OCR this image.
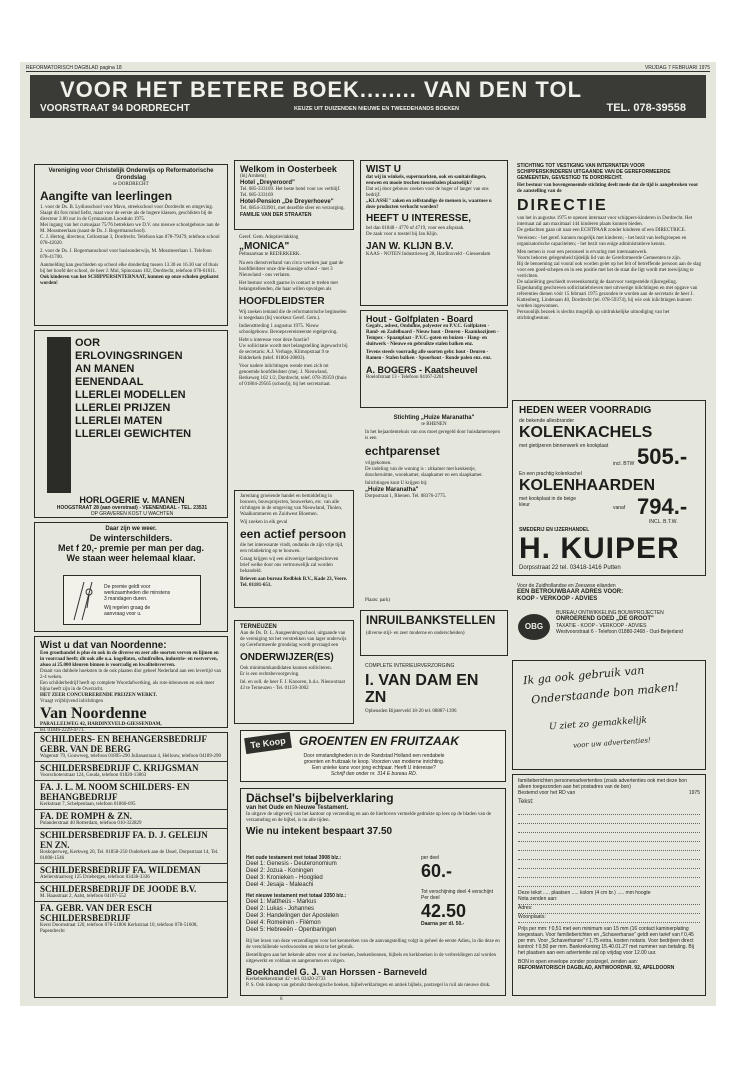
REFORMATORISCH DAGBLAD pagina 18	VRIJDAG 7 FEBRUARI 1975
VOOR HET BETERE BOEK........ VAN DEN TOL
VOORSTRAAT 94 DORDRECHT	KEUZE UIT DUIZENDEN NIEUWE EN TWEEDEHANDS BOEKEN	TEL. 078-39558
Vereniging voor Christelijk Onderwijs op Reformatorische Grondslag
te DORDRECHT
Aangifte van leerlingen
1. voor de Ds. B. Lydiusschool voor Mavo, streekschool voor Dordrecht en omgeving. Slaapt dit fors mind liefst, maat voor de eerste als de hogere klassen, geschikten bij de directeur 3.00 uur in de Gymnasium Loosduin 1975.
Mei ingang van het cursusjaar 75/76 betrekken we D.V. ons nieuwe schoolgebouw aan de M. Mossmeerlaan (naast de Ds. J. Bogermanschool).
C. J. Hertog, directeur, Cellostraat 3, Dordrecht. Telefoon kan 078-79479, telefoon school 078-42020.
2. voor de Ds. J. Bogermanschool voor basisonderwijs, M. Mossmeerlaan 1. Telefoon 078-41700.
Aanmelding kan geschieden op school elke donderdag tussen 13.30 en 16.30 uur of thuis bij het hoofd der school, de heer J. Mul, Spinozaan 102, Dordrecht, telefoon 078-61611.
Ook kinderen van het SCHIPPERSINTERNAAT, kunnen op onze scholen geplaatst worden!
OOR
ERLOVINGSRINGEN
AN MANEN
EENENDAAL
LLERLEI MODELLEN
LLERLEI PRIJZEN
LLERLEI MATEN
LLERLEI GEWICHTEN
HORLOGERIE v. MANEN
HOOGSTRAAT 28 (aan overstraat) - VEENENDAAL - TEL. 23531
OP GRAVEREN KOST U WACHTEN
Daar zijn we weer.
De winterschilders.
Met f 20,- premie per man per dag.
We staan weer helemaal klaar.
De premie geldt voor
werkzaamheden die minstens
3 mandagen duren.
Wij regelen graag de
aanvraag voor u.
Wist u dat van Noordenne:
Een groothandel is plus én ook in de diverse en zeer alle soorten verven en lijmen en in voorraad heeft; dit ook alle u.a. kogellatex, schuifrollen, industrie- en rostverven, alsoo ai 25.000 kleuren binnen is voorradig en kwaliteitsverven.
Draait van dubbele hoeksten in de ook plaaten dior geheel Nederland aan een levertijd van 2-4 weken.
Een schilderbedrijf heeft op complete Woordafwerking, als ruts-inbouwen en ook meer bijna heeft zijn in de Overzicht.
HET ZEER CONCURRERENDE PRIJZEN WERKT.
Vraagt vrijblijvend inlichtingen
Van Noordenne
PARALLELWEG 42, HARDINXVELD-GIESSENDAM,
tel. 01846-2229-4771.
SCHILDERS- EN BEHANGERSBEDRIJF GEBR. VAN DE BERG
Wagenstr 79, Gouwweg, telefoon 01895-290 Julianastraat 4, Hellouw, telefoon 04189-290
SCHILDERSBEDRIJF C. KRIJGSMAN
Voorschoterstraat 124, Gouda, telefoon 01820-13063
FA. J. L. M. NOOM SCHILDERS- EN BEHANGBEDRIJF
Kerkstraat 7, Schelpenlaan, telefoon 01860-695
FA. DE ROMPH & ZN.
Polanderstraat 40 Rotterdam, telefoon 010-322829
SCHILDERSBEDRIJF FA. D. J. GELEIJN EN ZN.
Boskoperweg, Kerkweg 20, Tel. 01858-250 Ouderkerk aan de IJssel, Dorpsstraat 14, Tel. 01808-1546
SCHILDERSBEDRIJF FA. WILDEMAN
Atelierstraatweg 125 Driebergen, telefoon 03438-3336
SCHILDERSBEDRIJF DE JOODE B.V.
M. Haasstraat 2, Aalst, telefoon 04107-552
FA. GEBR. VAN DER ESCH SCHILDERSBEDRIJF
Kerst Doornstraat 120, telefoon 078-51806 Kerkstraat 10, telefoon 078-51608, Papendrecht
Welkom in Oosterbeek
(bij Arnhem)
Hotel „Dreyeroord"
Tel. 085-333169. Het beste hotel voor uw verblijf. Tel. 085-333169
Hotel-Pension „De Dreyerhoeve"
Tel. 0854-333901, met dezelfde sfeer en verzorging.
FAMILIE VAN DER STRAATEN
Geref. Gem. Adoptievlakking
„MONICA"
Pelmaartsan te REDERKERK.
Na een dienstverband van circa veertien jaar gaat de hoofdleidster onze drie-klassige school - met 3 Nieuwland - ons verlaten.
Het bestuur wordt gaarne in contact te treden met belangstellenden, die haar willen opvolgen als
HOOFDLEIDSTER
Wij zoeken iemand die de reformatorische beginselen is toegedaan (bij voorkeur Geref. Gem.).
Indiensttreding 1 augustus 1975. Nieuw schoolgebouw. Beroepsvereisteerste regelgeving.
Hebt u interesse voor deze functie?
Uw sollicitatie wordt met belangstelling ingewacht bij de secretaris: A.J. Verhage, Klimopstraat 9 te Ridderkerk (telef. 01804-20803).
Voor nadere inlichtingen wende men zich tot genoemde hoofdleidster (mej. J. Nieuwland, Berkeweg 162 1/2, Dordrecht, telef. 078-39359 (thuis of 01804-29565 (school)), bij het secretariaat.
Jarenlang groeiende handel en bemiddeling in bouwen, bouwprojecten, bouwerken, etc. van alle richtingen in de omgeving van Nieuwland, Tholen, Waalkommeren en Zuidwest Bloemen.
Wij zoeken in elk geval
een actief persoon
die het interessante vindt, ondanks de zijn vrije tijd, een relatiekring op te bouwen.
Graag krijgen wij een uitvoerige handgeschreven brief welke door ons vertrouwelijk zal worden behandeld.
Brieven aan bureau Redblok B.V., Kade 23, Veere. Tel. 01181-651.
TERNEUZEN
Aan de Ds. D. L. Aangeenbrugschool, uitgaande van de vereniging tot het verstrekken van lager onderwijs op Gereformeerde grondslag wordt gevraagd een
ONDERWIJZER(ES)
Ook minimumkandidaten kunnen solliciteren.
Er is een rechtsbevoorgeving.
Inl. en soll. de heer F. J. Knooren, h.d.s. Nieuwstraat 43 te Terneuzen - Tel. 01150-3002
WIST U
dat wij in winkels, supermarkten, ook en sanitairdingen, eeuwen en mooie trochen tussenbalen plaatselijk?
Dat wij door gebouw zoeken voor de hoger of langer van ons bedrijf.
„KLASSE" zaken en zelfstandige de mensen is, waarmee u deze producten verkocht worden?
HEEFT U INTERESSE,
bel dan 01848 - 4770 of 4719, voor een afspraak.
De zaak voor u toestel bij Jan Klijn.
JAN W. KLIJN B.V.
KAAS - NOTEN Industrieweg 28, Hardinxveld - Giessendam
Hout - Golfplaten - Board
Gegalv., asbest, Onduline, polyester en P.V.C. Golfplaten - Rand- en Zadelboard - Nieuw hout - Deuren - Raamkozijnen - Tempex - Spaanplaat - P.V.C.-goten en buizen - Hang- en sluitwerk - Nieuwe en gebruikte stalen balken enz.
Tevens steeds voorradig alle soorten gebr. hout - Deuren - Ramen - Stalen balken - Spoorhout - Ronde palen enz. enz.
A. BOGERS - Kaatsheuvel
Roelofstraat 13 - Telefoon 04167-2261
Stichting „Huize Maranatha"
te RHENEN
In het bejaardentehuis van ons moet geregeld door huisdameroepen is een
echtparenset
vrijgekomen.
De indeling van de woning is : zitkamer met keukentje, doucheruimte, woonkamer, slaapkamer en een slaapkamer.
Inlichtingen kunt U krijgen bij:
„Huize Maranatha"
Dorpsstraat 1, Rhenen. Tel. 08376-2775.
Plaats: park)
INRUILBANKSTELLEN
(diverse stijl- en zeer moderne en onderscheiden)
COMPLETE INTERIEURVERZORGING
I. VAN DAM EN ZN
Opheusden Bijsterveld 18-20 tel. 08887-1396
Te Koop	GROENTEN EN FRUITZAAK
Door omstandigheden is in de Randstad Holland een rendabele
groenten en fruitzaak te koop. Voorzien van moderne inrichting.
Een unieke kans voor jong echtpaar. Heeft U interesse?
Schrijf dan onder nr. 314 E bureau RD.
Dächsel's bijbelverklaring
van het Oude en Nieuwe Testament.
In uitgave de uitgeverij van het kantoor op verzending en aan de hierboven vermelde gedrukte op lees op de bladen van de verzameling en de bijbel, is nu alle tijden.
Wie nu intekent bespaart 37.50
Het oude testament met totaal 3908 blz.:
Deel 1: Genesis - Deuteronomium
Deel 2: Jozua - Koningen
Deel 3: Kronieken - Hooglied
Deel 4: Jesaja - Maleachi
Het nieuwe testament met totaal 3350 blz.:
Deel 1: Mattheüs - Markus
Deel 2: Lukas - Johannes
Deel 3: Handelingen der Apostelen
Deel 4: Romeinen - Filémon
Deel 5: Hebreeën - Openbaringen
per deel
60.-
Tot verschijning deel 4 verschijnt
Per deel
42.50
Daarna per dl. 50.-
Bij het lezen van deze verzendingen voor het kenmerken van de aanvangstelling volgt in geheel de eerste Adieu, in die deze en de verschillende werkwoorden en tekst te het gebruik.
Bestellingen aan het bekende adres voor al uw boeken, boekenbonnen, bijbels en kerkboeken in de verbreidingen zal worden uitgewerkt en voldaan en aangenomen en volgen.
Boekhandel G. J. van Horssen - Barneveld
Kerkeboekenstraat 42 - tel. 03420-2733
P. S. Ook inkoop van gebruikt theologische boeken, bijbelverklaringen en antiek bijbels, postzegel in ruil als nieuwe druk.
STICHTING TOT VESTIGING VAN INTERNATEN VOOR SCHIPPERSKINDEREN UITGAANDE VAN DE GEREFORMEERDE GEMEENTEN, GEVESTIGD TE DORDRECHT.
Het bestuur van bovengenoemde stichting deelt mede dat de tijd is aangebroken voor de aanstelling van de
DIRECTIE
van het in augustus 1975 te openen internaat voor schippers-kinderen in Dordrecht. Het internaat zal aan maximaal 144 kinderen plaats kunnen bieden.
De gedachten gaan uit naar een ECHTPAAR zonder kinderen of een DIRECTRICE.
Vereisten: - het geref. kunnen mogelijk met kinderen; - het bezit van leefsgroepen en organisatorische capaciteiten; - het bezit van enige administratieve kennis.
Men nemen is voor een personeel is ervaring met internaatswerk.
Voorts behoren gelegenheid tijdelijk lid van de Gereformeerde Gemeenten te zijn.
Bij de benoeming zal vooral ook worden gelet op het feit of betreffende persoon aan de slag voor een goed-schepen en in een positie met het de staat die ligt wordt met toewijzing te verrichten.
De salariëring geschiedt overeenkomstig de daarvoor vastgestelde rijksregeling.
Eigenhandig geschreven sollicitatiebrieven met uitvoerige inlichtingen en met opgave van referenties dienen vóór 15 februari 1975 gezonden te worden aan de secretaris de heer J. Kattenberg, Lindenaan 40, Dordrecht (tel. 078-59374), bij wie ook inlichtingen kunnen worden ingewonnen.
Persoonlijk bezoek is slechts mogelijk op uitdrukkelijke uitnodiging van het stichtingbestuur.
HEDEN WEER VOORRADIG
de bekende allesbrander
KOLENKACHELS
met gietijzeren binnenwerk en kookplaat
incl. BTW 505.-
En een prachtig kolenkachel
KOLENHAARDEN
met kookplaat in de beige kleur	vanaf 794.-
INCL. B.T.W.
SMEDERIJ EN IJZERHANDEL
H. KUIPER
Dorpsstraat 22 tel. 03418-1416 Putten
Voor de Zuidhollandse en Zeeuwse eilanden
EEN BETROUWBAAR ADRES VOOR:
KOOP - VERKOOP - ADVIES
OBG
BUREAU ONTWIKKELING BOUWPROJECTEN
ONROEREND GOED „DE GROOT"
TAXATIE - KOOP - VERKOOP - ADVIES
Westvoorstraat 6 - Telefoon 01880-2468 - Oud-Beijerland
Ik ga ook gebruik van
Onderstaande bon maken!
U ziet zo gemakkelijk
voor uw advertenties!
familieberichten personenadvertenties (zoals advertenties ook met deze bon
alleen toegezonden aan het postadres van de bon)
Bestemd voor het RD van	1975
Tekst:
Deze tekst ..... plaatsen ..... kolom (4 cm br.) ..... mm hoogte
Nota zenden aan:
Adres:
Woonplaats:
Prijs per mm: f 0,51 met een minimum van 15 mm (16 contact kaminerplating toegestaan. Voor familieberichten en „Schaverhanse" geldt een tarief van f 0,45 per mm. Voor „Schaverhanse" f 1,75 extra, kosten notaris. Voor bedrijven direct kontrol: f 0,50 per mm. Bankrekening 15.40.01.27 met nummer van betaling. Bij het plaatsen aan een advertentie zal op vrijdag voor 12.00 uur.
BON in open envelope zonder postzegel, zenden aan:
REFORMATORISCH DAGBLAD, ANTWOORDNR. 92, APELDOORN
6
